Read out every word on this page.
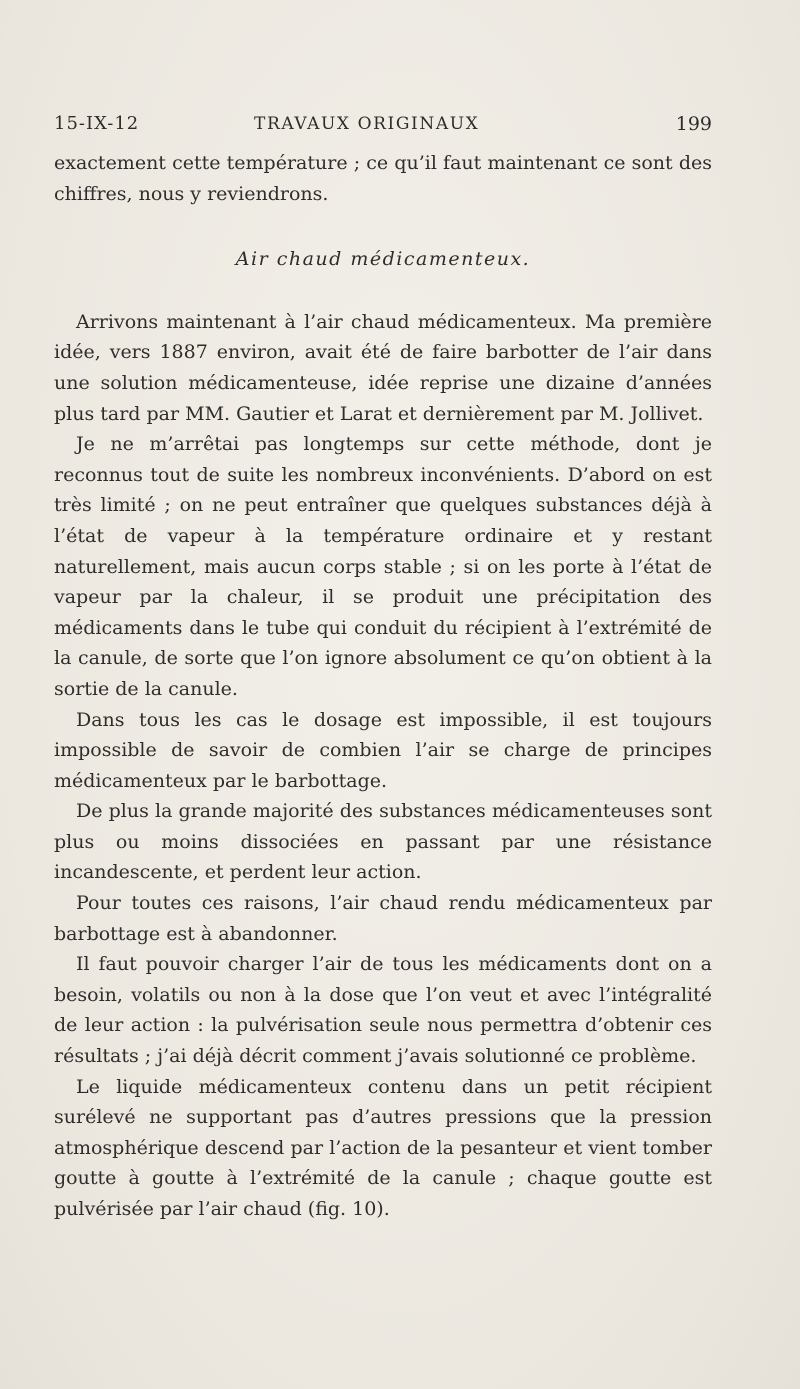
15-IX-12	TRAVAUX ORIGINAUX	199

exactement cette température ; ce qu’il faut maintenant ce sont des chiffres, nous y reviendrons.

Air chaud médicamenteux.

Arrivons maintenant à l’air chaud médicamenteux. Ma première idée, vers 1887 environ, avait été de faire barbotter de l’air dans une solution médicamenteuse, idée reprise une dizaine d’années plus tard par MM. Gautier et Larat et dernièrement par M. Jollivet.

Je ne m’arrêtai pas longtemps sur cette méthode, dont je reconnus tout de suite les nombreux inconvénients. D’abord on est très limité ; on ne peut entraîner que quelques substances déjà à l’état de vapeur à la température ordinaire et y restant naturellement, mais aucun corps stable ; si on les porte à l’état de vapeur par la chaleur, il se produit une précipitation des médicaments dans le tube qui conduit du récipient à l’extrémité de la canule, de sorte que l’on ignore absolument ce qu’on obtient à la sortie de la canule.

Dans tous les cas le dosage est impossible, il est toujours impossible de savoir de combien l’air se charge de principes médicamenteux par le barbottage.

De plus la grande majorité des substances médicamenteuses sont plus ou moins dissociées en passant par une résistance incandescente, et perdent leur action.

Pour toutes ces raisons, l’air chaud rendu médicamenteux par barbottage est à abandonner.

Il faut pouvoir charger l’air de tous les médicaments dont on a besoin, volatils ou non à la dose que l’on veut et avec l’intégralité de leur action : la pulvérisation seule nous permettra d’obtenir ces résultats ; j’ai déjà décrit comment j’avais solutionné ce problème.

Le liquide médicamenteux contenu dans un petit récipient surélevé ne supportant pas d’autres pressions que la pression atmosphérique descend par l’action de la pesanteur et vient tomber goutte à goutte à l’extrémité de la canule ; chaque goutte est pulvérisée par l’air chaud (fig. 10).
